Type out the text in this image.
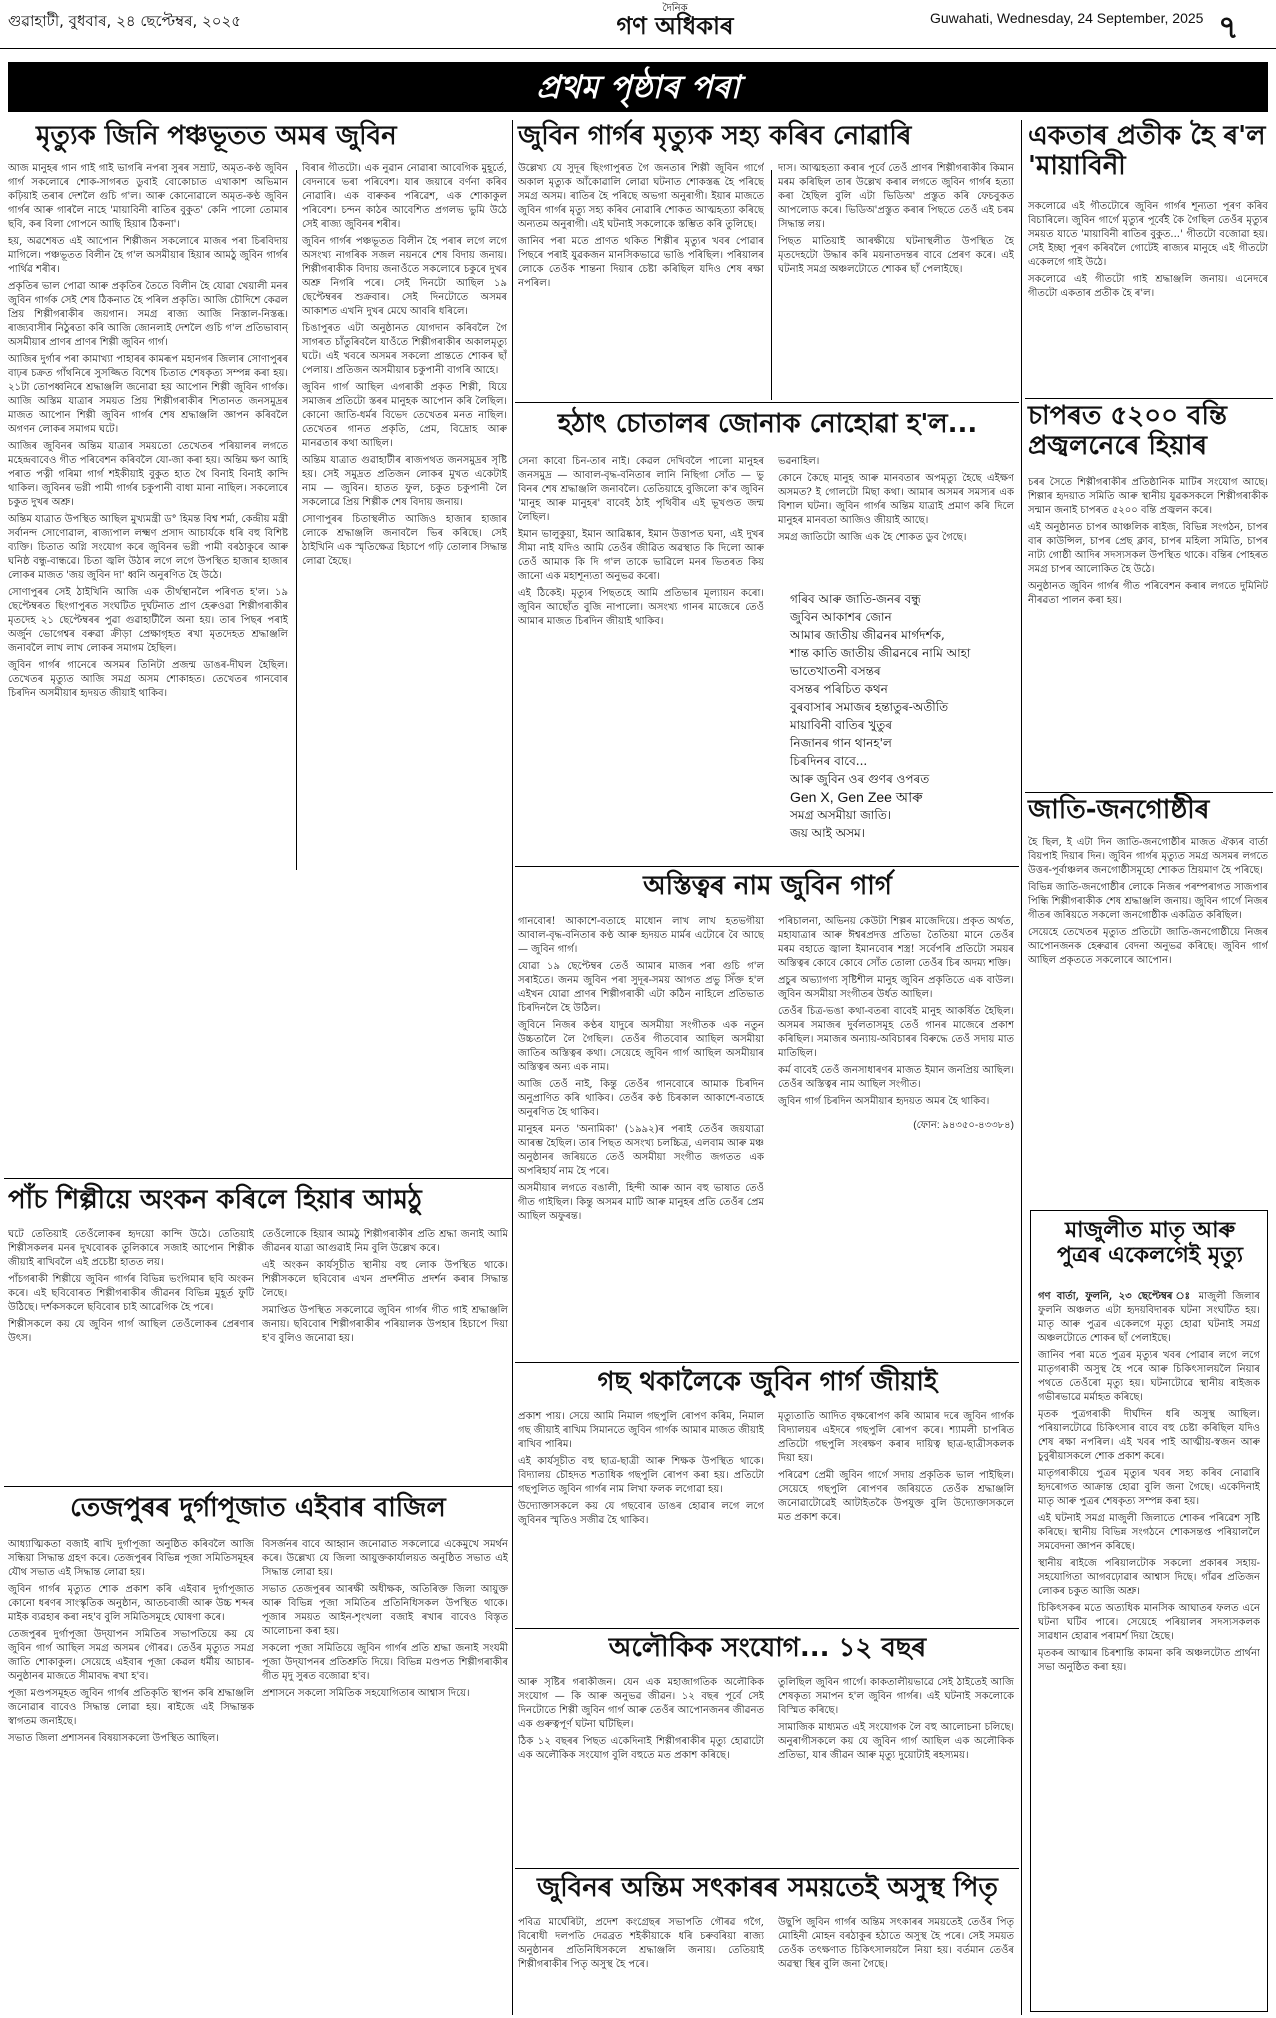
গুৱাহাটী, বুধবাৰ, ২৪ ছেপ্টেম্বৰ, ২০২৫
দৈনিক
গণ অধিকাৰ	Guwahati, Wednesday, 24 September, 2025 ৭
প্ৰথম পৃষ্ঠাৰ পৰা
মৃত্যুক জিনি পঞ্চভূতত অমৰ জুবিন

আজ মানুহৰ গান গাই গাই ভাগৰি নপৰা সুৰৰ সম্ৰাট, অমৃত-কণ্ঠ জুবিন গাৰ্গ সকলোৰে শোক-সাগৰত ডুবাই বোকোচাত এখাকাশ অভিমান কঢ়িয়াই তৰাৰ দেশলৈ গুচি গ'ল। আৰু কোনোৱালে অমৃত-কণ্ঠ জুবিন গাৰ্গৰ আৰু গাৰলৈ নাহে 'মায়াবিনী ৰাতিৰ বুকুত' কেনি পালো তোমাৰ ছবি, কৰ বিলা গোপনে আছি হিয়াৰ ঠিকনা'।

হয়, অৱশেষত এই আপোন শিল্পীজন সকলোৰে মাজৰ পৰা চিৰবিদায় মাগিলে। পঞ্চভূতত বিলীন হৈ গ'ল অসমীয়াৰ হিয়াৰ আমঠু জুবিন গাৰ্গৰ পাৰ্থিৱ শৰীৰ।

প্ৰকৃতিৰ ভাল পোৱা আৰু প্ৰকৃতিৰ তৈতে বিলীন হৈ যোৱা খেয়ালী মনৰ জুবিন গাৰ্গক সেই শেষ ঠিকনাত হৈ পৰিল প্ৰকৃতি। আজি চৌদিশে কেৱল প্ৰিয় শিল্পীগৰাকীৰ জয়গান। সমগ্ৰ ৰাজ্য আজি নিস্তাল-নিস্তব্ধ। ৰাজ্যবাসীৰ নিঠুৰতা কৰি আজি জোনলাই দেশলৈ গুচি গ'ল প্ৰতিভাবান্‌ অসমীয়াৰ প্ৰাণৰ প্ৰাণৰ শিল্পী জুবিন গাৰ্গ।

আজিৰ দুৰ্গাৰ পৰা কামাখ্যা পাহাৰৰ কামৰূপ মহানগৰ জিলাৰ সোণাপুৰৰ বাঢ়ৰ চক্ৰত গাঁথনিৰে সুসজ্জিত বিশেষ চিতাত শেষকৃত্য সম্পন্ন কৰা হয়। ২১টা তোপধ্বনিৰে শ্ৰদ্ধাঞ্জলি জনোৱা হয় আপোন শিল্পী জুবিন গাৰ্গক। আজি অস্তিম যাত্ৰাৰ সময়ত প্ৰিয় শিল্পীগৰাকীৰ শিতানত জনসমুদ্ৰৰ মাজত আপোন শিল্পী জুবিন গাৰ্গৰ শেষ শ্ৰদ্ধাঞ্জলি জ্ঞাপন কৰিবলৈ অগণন লোকৰ সমাগম ঘটে।

আজিৰ জুবিনৰ অন্তিম যাত্ৰাৰ সময়তো তেখেতৰ পৰিয়ালৰ লগতে মহেন্দ্ৰবাবেও গীত পৰিবেশন কৰিবলৈ যো-জা কৰা হয়। অন্তিম ক্ষণ আহি পৰাত পত্নী গৰিমা গাৰ্গ শইকীয়াই বুকুত হাত থৈ বিনাই বিনাই কান্দি থাকিল। জুবিনৰ ভগ্নী পামী গাৰ্গৰ চকুপানী বাধা মানা নাছিল। সকলোৰে চকুত দুখৰ অশ্ৰু।

অন্তিম যাত্ৰাত উপস্থিত আছিল মুখ্যমন্ত্ৰী ড° হিমন্ত বিশ্ব শৰ্মা, কেন্দ্ৰীয় মন্ত্ৰী সৰ্বানন্দ সোণোৱাল, ৰাজ্যপাল লক্ষ্মণ প্ৰসাদ আচাৰ্যকে ধৰি বহু বিশিষ্ট ব্যক্তি। চিতাত অগ্নি সংযোগ কৰে জুবিনৰ ভগ্নী পামী বৰঠাকুৰে আৰু ঘনিষ্ঠ বন্ধু-বান্ধৱে। চিতা জ্বলি উঠাৰ লগে লগে উপস্থিত হাজাৰ হাজাৰ লোকৰ মাজত 'জয় জুবিন দা' ধ্বনি অনুৰণিত হৈ উঠে।

সোণাপুৰৰ সেই ঠাইখিনি আজি এক তীৰ্থস্থানলৈ পৰিণত হ'ল। ১৯ ছেপ্টেম্বৰত ছিংগাপুৰত সংঘটিত দুৰ্ঘটনাত প্ৰাণ হেৰুওৱা শিল্পীগৰাকীৰ মৃতদেহ ২১ ছেপ্টেম্বৰৰ পুৱা গুৱাহাটীলৈ অনা হয়। তাৰ পিছৰ পৰাই অৰ্জুন ভোগেশ্বৰ বৰুৱা ক্ৰীড়া প্ৰেক্ষাগৃহত ৰখা মৃতদেহত শ্ৰদ্ধাঞ্জলি জনাবলৈ লাখ লাখ লোকৰ সমাগম হৈছিল।

জুবিন গাৰ্গৰ গানেৰে অসমৰ তিনিটা প্ৰজন্ম ডাঙৰ-দীঘল হৈছিল। তেখেতৰ মৃত্যুত আজি সমগ্ৰ অসম শোকাহত। তেখেতৰ গানবোৰ চিৰদিন অসমীয়াৰ হৃদয়ত জীয়াই থাকিব।

বিৰাৰ গীতটো। এক নুৱান নোৱাৰা আবেগিক মুহূৰ্তে, বেদনাৰে ভৰা পৰিবেশ। যাৰ জয়াৰে বৰ্ণনা কৰিব নোৱাৰি। এক বাৰুকৰ পৰিৱেশ, এক শোকাকুল পৰিবেশ। চন্দন কাঠৰ আবেশিত প্ৰগলভ ভুমি উঠে সেই ৰাজ্য জুবিনৰ শৰীৰ।

জুবিন গাৰ্গৰ পঞ্চভূতত বিলীন হৈ পৰাৰ লগে লগে অসংখ্য নাগৰিক সজল নয়নৰে শেষ বিদায় জনায়। শিল্পীগৰাকীক বিদায় জনাওঁতে সকলোৰে চকুৰে দুখৰ অশ্ৰু নিগৰি পৰে। সেই দিনটো আছিল ১৯ ছেপ্টেম্বৰৰ শুক্ৰবাৰ। সেই দিনটোতে অসমৰ আকাশত এখনি দুখৰ মেঘে আবৰি ধৰিলে।

চিঙাপুৰত এটা অনুষ্ঠানত যোগদান কৰিবলৈ গৈ সাগৰত চাঁতুৰিবলৈ যাওঁতে শিল্পীগৰাকীৰ অকালমৃত্যু ঘটে। এই খবৰে অসমৰ সকলো প্ৰান্ততে শোকৰ ছাঁ পেলায়। প্ৰতিজন অসমীয়াৰ চকুপানী বাগৰি আহে।

জুবিন গাৰ্গ আছিল এগৰাকী প্ৰকৃত শিল্পী, যিয়ে সমাজৰ প্ৰতিটো স্তৰৰ মানুহক আপোন কৰি লৈছিল। কোনো জাতি-ধৰ্মৰ বিভেদ তেখেতৰ মনত নাছিল। তেখেতৰ গানত প্ৰকৃতি, প্ৰেম, বিদ্ৰোহ আৰু মানৱতাৰ কথা আছিল।

অন্তিম যাত্ৰাত গুৱাহাটীৰ ৰাজপথত জনসমুদ্ৰৰ সৃষ্টি হয়। সেই সমুদ্ৰত প্ৰতিজন লোকৰ মুখত একেটাই নাম — জুবিন। হাতত ফুল, চকুত চকুপানী লৈ সকলোৱে প্ৰিয় শিল্পীক শেষ বিদায় জনায়।

সোণাপুৰৰ চিতাস্থলীত আজিও হাজাৰ হাজাৰ লোকে শ্ৰদ্ধাঞ্জলি জনাবলৈ ভিৰ কৰিছে। সেই ঠাইখিনি এক স্মৃতিক্ষেত্ৰ হিচাপে গঢ়ি তোলাৰ সিদ্ধান্ত লোৱা হৈছে।

জুবিন গাৰ্গৰ মৃত্যুক সহ্য কৰিব নোৱাৰি

উল্লেখ্য যে সুদূৰ ছিংগাপুৰত গৈ জনতাৰ শিল্পী জুবিন গাৰ্গে অকাল মৃত্যুক আঁকোৱালি লোৱা ঘটনাত শোকস্তব্ধ হৈ পৰিছে সমগ্ৰ অসম। ৰাতিৰ হৈ পৰিছে অভগা অনুৰাগী। ইয়াৰ মাজতে জুবিন গাৰ্গৰ মৃত্যু সহ্য কৰিব নোৱাৰি শোকত আত্মহত্যা কৰিছে অন্যতম অনুৰাগী। এই ঘটনাই সকলোকে স্তম্ভিত কৰি তুলিছে।

জানিব পৰা মতে প্ৰাণত থকিত শিল্পীৰ মৃত্যুৰ খবৰ পোৱাৰ পিছৰে পৰাই যুৱকজন মানসিকভাৱে ভাঙি পৰিছিল। পৰিয়ালৰ লোকে তেওঁক শান্তনা দিয়াৰ চেষ্টা কৰিছিল যদিও শেষ ৰক্ষা নপৰিল।

দাস। আত্মহত্যা কৰাৰ পূৰ্বে তেওঁ প্ৰাণৰ শিল্পীগৰাকীৰ কিমান মৰম কৰিছিল তাৰ উল্লেখ কৰাৰ লগতে জুবিন গাৰ্গৰ হত্যা কৰা হৈছিল বুলি এটা ভিডিঅ' প্ৰস্তুত কৰি ফেচবুকত আপলোড কৰে। ভিডিঅ'প্ৰস্তুত কৰাৰ পিছতে তেওঁ এই চৰম সিদ্ধান্ত লয়।

পিছত মাতিয়াই আৰক্ষীয়ে ঘটনাস্থলীত উপস্থিত হৈ মৃতদেহটো উদ্ধাৰ কৰি ময়নাতদন্তৰ বাবে প্ৰেৰণ কৰে। এই ঘটনাই সমগ্ৰ অঞ্চলটোতে শোকৰ ছাঁ পেলাইছে।

একতাৰ প্ৰতীক হৈ ৰ'ল 'মায়াবিনী

সকলোৱে এই গীতটোৰে জুবিন গাৰ্গৰ শূন্যতা পূৰণ কৰিব বিচাৰিলে। জুবিন গাৰ্গে মৃত্যুৰ পূৰ্বেই কৈ গৈছিল তেওঁৰ মৃত্যুৰ সময়ত যাতে 'মায়াবিনী ৰাতিৰ বুকুত...' গীতটো বজোৱা হয়। সেই ইচ্ছা পূৰণ কৰিবলৈ গোটেই ৰাজ্যৰ মানুহে এই গীতটো একেলগে গাই উঠে।

সকলোৱে এই গীতটো গাই শ্ৰদ্ধাঞ্জলি জনায়। এনেদৰে গীতটো একতাৰ প্ৰতীক হৈ ৰ'ল।

চাপৰত ৫২০০ বন্তি প্ৰজ্বলনেৰে হিয়াৰ

চৰৰ সৈতে শিল্পীগৰাকীৰ প্ৰতিষ্ঠানিক মাটিৰ সংযোগ আছে। শিল্পাৰ হৃদয়াত সমিতি আৰু স্থানীয় যুৱকসকলে শিল্পীগৰাকীক সন্মান জনাই চাপৰত ৫২০০ বন্তি প্ৰজ্বলন কৰে।

এই অনুষ্ঠানত চাপৰ আঞ্চলিক ৰাইজ, বিভিন্ন সংগঠন, চাপৰ বাৰ কাউন্সিল, চাপৰ প্ৰেছ ক্লাব, চাপৰ মহিলা সমিতি, চাপৰ নাট্য গোষ্ঠী আদিৰ সদস্যসকল উপস্থিত থাকে। বন্তিৰ পোহৰত সমগ্ৰ চাপৰ আলোকিত হৈ উঠে।

অনুষ্ঠানত জুবিন গাৰ্গৰ গীত পৰিবেশন কৰাৰ লগতে দুমিনিট নীৰৱতা পালন কৰা হয়।

জাতি-জনগোষ্ঠীৰ

হৈ ছিল, ই এটা দিন জাতি-জনগোষ্ঠীৰ মাজত ঐক্যৰ বাৰ্তা বিয়পাই দিয়াৰ দিন। জুবিন গাৰ্গৰ মৃত্যুত সমগ্ৰ অসমৰ লগতে উত্তৰ-পূৰ্বাঞ্চলৰ জনগোষ্ঠীসমূহো শোকত ম্ৰিয়মাণ হৈ পৰিছে।

বিভিন্ন জাতি-জনগোষ্ঠীৰ লোকে নিজৰ পৰম্পৰাগত সাজপাৰ পিন্ধি শিল্পীগৰাকীক শেষ শ্ৰদ্ধাঞ্জলি জনায়। জুবিন গাৰ্গে নিজৰ গীতৰ জৰিয়তে সকলো জনগোষ্ঠীক একত্ৰিত কৰিছিল।

সেয়েহে তেখেতৰ মৃত্যুত প্ৰতিটো জাতি-জনগোষ্ঠীয়ে নিজৰ আপোনজনক হেৰুৱাৰ বেদনা অনুভৱ কৰিছে। জুবিন গাৰ্গ আছিল প্ৰকৃততে সকলোৰে আপোন।

মাজুলীত মাতৃ আৰু পুত্ৰৰ একেলগেই মৃত্যু

গণ বাৰ্তা, ফুলনি, ২৩ ছেপ্টেম্বৰ ঃ মাজুলী জিলাৰ ফুলনি অঞ্চলত এটা হৃদয়বিদাৰক ঘটনা সংঘটিত হয়। মাতৃ আৰু পুত্ৰৰ একেলগে মৃত্যু হোৱা ঘটনাই সমগ্ৰ অঞ্চলটোতে শোকৰ ছাঁ পেলাইছে।

জানিব পৰা মতে পুত্ৰৰ মৃত্যুৰ খবৰ পোৱাৰ লগে লগে মাতৃগৰাকী অসুস্থ হৈ পৰে আৰু চিকিৎসালয়লৈ নিয়াৰ পথতে তেওঁৰো মৃত্যু হয়। ঘটনাটোৱে স্থানীয় ৰাইজক গভীৰভাৱে মৰ্মাহত কৰিছে।

মৃতক পুত্ৰগৰাকী দীৰ্ঘদিন ধৰি অসুস্থ আছিল। পৰিয়ালটোৱে চিকিৎসাৰ বাবে বহু চেষ্টা কৰিছিল যদিও শেষ ৰক্ষা নপৰিল। এই খবৰ পাই আত্মীয়-স্বজন আৰু চুবুৰীয়াসকলে শোক প্ৰকাশ কৰে।

মাতৃগৰাকীয়ে পুত্ৰৰ মৃত্যুৰ খবৰ সহ্য কৰিব নোৱাৰি হৃদৰোগত আক্ৰান্ত হোৱা বুলি জনা গৈছে। একেদিনাই মাতৃ আৰু পুত্ৰৰ শেষকৃত্য সম্পন্ন কৰা হয়।

এই ঘটনাই সমগ্ৰ মাজুলী জিলাতে শোকৰ পৰিৱেশ সৃষ্টি কৰিছে। স্থানীয় বিভিন্ন সংগঠনে শোকসন্তপ্ত পৰিয়াললৈ সমবেদনা জ্ঞাপন কৰিছে।

স্থানীয় ৰাইজে পৰিয়ালটোক সকলো প্ৰকাৰৰ সহায়-সহযোগিতা আগবঢ়োৱাৰ আশ্বাস দিছে। গাঁৱৰ প্ৰতিজন লোকৰ চকুত আজি অশ্ৰু।

চিকিৎসকৰ মতে অত্যধিক মানসিক আঘাতৰ ফলত এনে ঘটনা ঘটিব পাৰে। সেয়েহে পৰিয়ালৰ সদস্যসকলক সাৱধান হোৱাৰ পৰামৰ্শ দিয়া হৈছে।

মৃতকৰ আত্মাৰ চিৰশান্তি কামনা কৰি অঞ্চলটোত প্ৰাৰ্থনা সভা অনুষ্ঠিত কৰা হয়।

হঠাৎ চোতালৰ জোনাক নোহোৱা হ'ল...

সেনা কাবো চিন-তাৰ নাই। কেৱল দেখিবলৈ পালো মানুহৰ জনসমুদ্ৰ — আবাল-বৃদ্ধ-বনিতাৰ লানি নিছিগা সোঁত — ভু বিনৰ শেষ শ্ৰদ্ধাঞ্জলি জনাবলৈ। তেতিয়াহে বুজিলো ক'ৰ জুবিন 'মানুহ আৰু মানুহৰ' বাবেই ঠাই পৃথিবীৰ এই ভূখণ্ডত জন্ম লৈছিল।

ইমান ভালুকুয়া, ইমান আৱিষ্কাৰ, ইমান উত্তাপত ঘনা, এই দুখৰ সীমা নাই যদিও আমি তেওঁৰ জীৱিত অৱস্থাত কি দিলো আৰু তেওঁ আমাক কি দি গ'ল তাকে ভাৱিলে মনৰ ভিতৰত কিয় জানো এক মহাশূন্যতা অনুভৱ কৰো।

এই ঠিকেই। মৃত্যুৰ পিছতহে আমি প্ৰতিভাৰ মূল্যায়ন কৰো। জুবিন আছোঁত বুজি নাপালো। অসংখ্য গানৰ মাজেৰে তেওঁ আমাৰ মাজত চিৰদিন জীয়াই থাকিব।

ভৱনাহিল।

কোনে কৈছে মানুহ আৰু মানবতাৰ অপমৃত্যু হৈছে এইক্ষণ অসমত? ই গোলটো মিছা কথা। আমাৰ অসমৰ সমস্যৰ এক বিশাল ঘটনা। জুবিন গাৰ্গৰ অন্তিম যাত্ৰাই প্ৰমাণ কৰি দিলে মানুহৰ মানবতা আজিও জীয়াই আছে।

সমগ্ৰ জাতিটো আজি এক হৈ শোকত ডুব গৈছে।

গৰিব আৰু জাতি-জনৰ বন্ধু
জুবিন আকাশৰ জোন
আমাৰ জাতীয় জীৱনৰ মাৰ্গদৰ্শক,
শান্ত কাতি জাতীয় জীৱনৰে নামি আহা
ভাতেখাতনী বসন্তৰ
বসন্তৰ পৰিচিত কথন
বুৰবাসাৰ সমাজৰ হন্তাতুৰ-অতীতি
মায়াবিনী বাতিৰ খুতুৰ
নিজানৰ গান থানহ'ল
চিৰদিনৰ বাবে...
আৰু জুবিন ওৰ গুণৰ ওপৰত
Gen X, Gen Zee আৰু
সমগ্ৰ অসমীয়া জাতি।
জয় আই অসম।
অস্তিত্বৰ নাম জুবিন গাৰ্গ

গানবোৰ! আকাশে-বতাহে মাধোন লাখ লাখ হতভগীয়া আবাল-বৃদ্ধ-বনিতাৰ কণ্ঠ আৰু হৃদয়ত মাৰ্মৰ এটোৰে বৈ আছে — জুবিন গাৰ্গ।

যোৱা ১৯ ছেপ্টেম্বৰ তেওঁ আমাৰ মাজৰ পৰা গুচি গ'ল সৰাইতে। জনম জুবিন পৰা সুদূৰ-সময় আগত প্ৰভু সিঁক্ত হ'ল এইখন যোৱা প্ৰাণৰ শিল্পীগৰাকী এটা কঠিন নাহিলে প্ৰতিভাত চিৰদিনলৈ হৈ উঠিল।

জুবিনে নিজৰ কণ্ঠৰ যাদুৰে অসমীয়া সংগীতক এক নতুন উচ্চতালৈ লৈ গৈছিল। তেওঁৰ গীতবোৰ আছিল অসমীয়া জাতিৰ অস্তিত্বৰ কথা। সেয়েহে জুবিন গাৰ্গ আছিল অসমীয়াৰ অস্তিত্বৰ অন্য এক নাম।

আজি তেওঁ নাই, কিন্তু তেওঁৰ গানবোৰে আমাক চিৰদিন অনুপ্ৰাণিত কৰি থাকিব। তেওঁৰ কণ্ঠ চিৰকাল আকাশে-বতাহে অনুৰণিত হৈ থাকিব।

মানুহৰ মনত 'অনামিকা' (১৯৯২)ৰ পৰাই তেওঁৰ জয়যাত্ৰা আৰম্ভ হৈছিল। তাৰ পিছত অসংখ্য চলচ্চিত্ৰ, এলবাম আৰু মঞ্চ অনুষ্ঠানৰ জৰিয়তে তেওঁ অসমীয়া সংগীত জগতত এক অপৰিহাৰ্য নাম হৈ পৰে।

অসমীয়াৰ লগতে বঙালী, হিন্দী আৰু আন বহু ভাষাত তেওঁ গীত গাইছিল। কিন্তু অসমৰ মাটি আৰু মানুহৰ প্ৰতি তেওঁৰ প্ৰেম আছিল অফুৰন্ত।

পৰিচালনা, অভিনয় কেউটা শিল্পৰ মাজেদিয়ে। প্ৰকৃত অৰ্থত, মহাযাত্ৰাৰ আৰু ঈশ্বৰপ্ৰদত্ত প্ৰতিভা তৈতিয়া মানে তেওঁৰ মৰম বহাতে জ্বালা ইমানবোৰ শস্ত্ৰ! সৰ্বেপৰি প্ৰতিটো সময়ৰ অস্তিত্বৰ কোবে কোবে সোঁত তোলা তেওঁৰ চিৰ অদম্য শক্তি।

প্ৰচুৰ অভ্যাগণ্য সৃষ্টিশীল মানুহ জুবিন প্ৰকৃতিতে এক বাউল। জুবিন অসমীয়া সংগীতৰ উৰ্ধত আছিল।

তেওঁৰ চিত্ৰ-ভঙা কথা-বতৰা বাবেই মানুহ আকৰ্ষিত হৈছিল। অসমৰ সমাজৰ দুৰ্বলতাসমূহ তেওঁ গানৰ মাজেৰে প্ৰকাশ কৰিছিল। সমাজৰ অন্যায়-অবিচাৰৰ বিৰুদ্ধে তেওঁ সদায় মাত মাতিছিল।

কৰ্ম বাবেই তেওঁ জনসাধাৰণৰ মাজত ইমান জনপ্ৰিয় আছিল। তেওঁৰ অস্তিত্বৰ নাম আছিল সংগীত।

জুবিন গাৰ্গ চিৰদিন অসমীয়াৰ হৃদয়ত অমৰ হৈ থাকিব।

(ফোন: ৯৪৩৫০-৪৩৩৮৪)

পাঁচ শিল্পীয়ে অংকন কৰিলে হিয়াৰ আমঠু

ঘটে তেতিয়াই তেওঁলোকৰ হৃদয়ো কান্দি উঠে। তেতিয়াই শিল্পীসকলৰ মনৰ দুখবোৰক তুলিকাৰে সজাই আপোন শিল্পীক জীয়াই ৰাখিবলৈ এই প্ৰচেষ্টা হাতত লয়।

পাঁচগৰাকী শিল্পীয়ে জুবিন গাৰ্গৰ বিভিন্ন ভংগিমাৰ ছবি অংকন কৰে। এই ছবিবোৰত শিল্পীগৰাকীৰ জীৱনৰ বিভিন্ন মুহূৰ্ত ফুটি উঠিছে। দৰ্শকসকলে ছবিবোৰ চাই আৱেগিক হৈ পৰে।

শিল্পীসকলে কয় যে জুবিন গাৰ্গ আছিল তেওঁলোকৰ প্ৰেৰণাৰ উৎস।

তেওঁলোকে হিয়াৰ আমঠু শিল্পীগৰাকীৰ প্ৰতি শ্ৰদ্ধা জনাই আমি জীৱনৰ যাত্ৰা আগুৱাই নিম বুলি উল্লেখ কৰে।

এই অংকন কাৰ্যসূচীত স্থানীয় বহু লোক উপস্থিত থাকে। শিল্পীসকলে ছবিবোৰ এখন প্ৰদৰ্শনীত প্ৰদৰ্শন কৰাৰ সিদ্ধান্ত লৈছে।

সমাপ্তিত উপস্থিত সকলোৱে জুবিন গাৰ্গৰ গীত গাই শ্ৰদ্ধাঞ্জলি জনায়। ছবিবোৰ শিল্পীগৰাকীৰ পৰিয়ালক উপহাৰ হিচাপে দিয়া হ'ব বুলিও জনোৱা হয়।

তেজপুৰৰ দুৰ্গাপূজাত এইবাৰ বাজিল

আধ্যাত্মিকতা বজাই ৰাখি দুৰ্গাপূজা অনুষ্ঠিত কৰিবলৈ আজি সন্ধিয়া সিদ্ধান্ত গ্ৰহণ কৰে। তেজপুৰৰ বিভিন্ন পূজা সমিতিসমূহৰ যৌথ সভাত এই সিদ্ধান্ত লোৱা হয়।

জুবিন গাৰ্গৰ মৃত্যুত শোক প্ৰকাশ কৰি এইবাৰ দুৰ্গাপূজাত কোনো ধৰণৰ সাংস্কৃতিক অনুষ্ঠান, আতচবাজী আৰু উচ্চ শব্দৰ মাইক ব্যৱহাৰ কৰা নহ'ব বুলি সমিতিসমূহে ঘোষণা কৰে।

তেজপুৰৰ দুৰ্গাপূজা উদ্‌যাপন সমিতিৰ সভাপতিয়ে কয় যে জুবিন গাৰ্গ আছিল সমগ্ৰ অসমৰ গৌৰৱ। তেওঁৰ মৃত্যুত সমগ্ৰ জাতি শোকাকুল। সেয়েহে এইবাৰ পূজা কেৱল ধৰ্মীয় আচাৰ-অনুষ্ঠানৰ মাজতে সীমাবদ্ধ ৰখা হ'ব।

পূজা মণ্ডপসমূহত জুবিন গাৰ্গৰ প্ৰতিকৃতি স্থাপন কৰি শ্ৰদ্ধাঞ্জলি জনোৱাৰ বাবেও সিদ্ধান্ত লোৱা হয়। ৰাইজে এই সিদ্ধান্তক স্বাগতম জনাইছে।

সভাত জিলা প্ৰশাসনৰ বিষয়াসকলো উপস্থিত আছিল।

বিসৰ্জনৰ বাবে আহ্বান জনোৱাত সকলোৱে একেমুখে সমৰ্থন কৰে। উল্লেখ্য যে জিলা আয়ুক্তকাৰ্যালয়ত অনুষ্ঠিত সভাত এই সিদ্ধান্ত লোৱা হয়।

সভাত তেজপুৰৰ আৰক্ষী অধীক্ষক, অতিৰিক্ত জিলা আয়ুক্ত আৰু বিভিন্ন পূজা সমিতিৰ প্ৰতিনিধিসকল উপস্থিত থাকে। পূজাৰ সময়ত আইন-শৃংখলা বজাই ৰখাৰ বাবেও বিস্তৃত আলোচনা কৰা হয়।

সকলো পূজা সমিতিয়ে জুবিন গাৰ্গৰ প্ৰতি শ্ৰদ্ধা জনাই সংযমী পূজা উদ্‌যাপনৰ প্ৰতিশ্ৰুতি দিয়ে। বিভিন্ন মণ্ডপত শিল্পীগৰাকীৰ গীত মৃদু সুৰত বজোৱা হ'ব।

প্ৰশাসনে সকলো সমিতিক সহযোগিতাৰ আশ্বাস দিয়ে।

গছ থকালৈকে জুবিন গাৰ্গ জীয়াই

প্ৰকাশ পায়। সেয়ে আমি নিমাল গছপুলি ৰোপণ কৰিম, নিমাল গছ জীয়াই ৰাখিম সিমানতে জুবিন গাৰ্গক আমাৰ মাজত জীয়াই ৰাখিব পাৰিম।

এই কাৰ্যসূচীত বহু ছাত্ৰ-ছাত্ৰী আৰু শিক্ষক উপস্থিত থাকে। বিদ্যালয় চৌহদত শতাধিক গছপুলি ৰোপণ কৰা হয়। প্ৰতিটো গছপুলিত জুবিন গাৰ্গৰ নাম লিখা ফলক লগোৱা হয়।

উদ্যোক্তাসকলে কয় যে গছবোৰ ডাঙৰ হোৱাৰ লগে লগে জুবিনৰ স্মৃতিও সজীৱ হৈ থাকিব।

মৃত্যুতাতি আদিত বৃক্ষৰোপণ কৰি আমাৰ দৰে জুবিন গাৰ্গক বিদ্যালয়ৰ এইদৰে গছপুলি ৰোপণ কৰে। শ্যামলী চাপৰিত প্ৰতিটো গছপুলি সংৰক্ষণ কৰাৰ দায়িত্ব ছাত্ৰ-ছাত্ৰীসকলক দিয়া হয়।

পৰিৱেশ প্ৰেমী জুবিন গাৰ্গে সদায় প্ৰকৃতিক ভাল পাইছিল। সেয়েহে গছপুলি ৰোপণৰ জৰিয়তে তেওঁক শ্ৰদ্ধাঞ্জলি জনোৱাটোৱেই আটাইতকৈ উপযুক্ত বুলি উদ্যোক্তাসকলে মত প্ৰকাশ কৰে।

অলৌকিক সংযোগ... ১২ বছৰ

আৰু সৃষ্টিৰ গৰাকীজন। যেন এক মহাজাগতিক অলৌকিক সংযোগ — কি আৰু অনুভৱ জীৱন। ১২ বছৰ পূৰ্বে সেই দিনটোতে শিল্পী জুবিন গাৰ্গ আৰু তেওঁৰ আপোনজনৰ জীৱনত এক গুৰুত্বপূৰ্ণ ঘটনা ঘটিছিল।

ঠিক ১২ বছৰৰ পিছত একেদিনাই শিল্পীগৰাকীৰ মৃত্যু হোৱাটো এক অলৌকিক সংযোগ বুলি বহুতে মত প্ৰকাশ কৰিছে।

তুলিছিল জুবিন গাৰ্গে। কাকতালীয়ভাৱে সেই ঠাইতেই আজি শেষকৃত্য সমাপন হ'ল জুবিন গাৰ্গৰ। এই ঘটনাই সকলোকে বিস্মিত কৰিছে।

সামাজিক মাধ্যমত এই সংযোগক লৈ বহু আলোচনা চলিছে। অনুৰাগীসকলে কয় যে জুবিন গাৰ্গ আছিল এক অলৌকিক প্ৰতিভা, যাৰ জীৱন আৰু মৃত্যু দুয়োটাই ৰহস্যময়।

জুবিনৰ অন্তিম সৎকাৰৰ সময়তেই অসুস্থ পিতৃ

পবিত্ৰ মাৰ্ঘেৰিটা, প্ৰদেশ কংগ্ৰেছৰ সভাপতি গৌৰৱ গগৈ, বিৰোধী দলপতি দেৱব্ৰত শইকীয়াকে ধৰি চৰুবৰিয়া ৰাজ্য অনুষ্ঠানৰ প্ৰতিনিধিসকলে শ্ৰদ্ধাঞ্জলি জনায়। তেতিয়াই শিল্পীগৰাকীৰ পিতৃ অসুস্থ হৈ পৰে।

উছুপি জুবিন গাৰ্গৰ অন্তিম সৎকাৰৰ সময়তেই তেওঁৰ পিতৃ মোহিনী মোহন বৰঠাকুৰ হঠাতে অসুস্থ হৈ পৰে। সেই সময়ত তেওঁক তৎক্ষণাত চিকিৎসালয়লৈ নিয়া হয়। বৰ্তমান তেওঁৰ অৱস্থা স্থিৰ বুলি জনা গৈছে।
